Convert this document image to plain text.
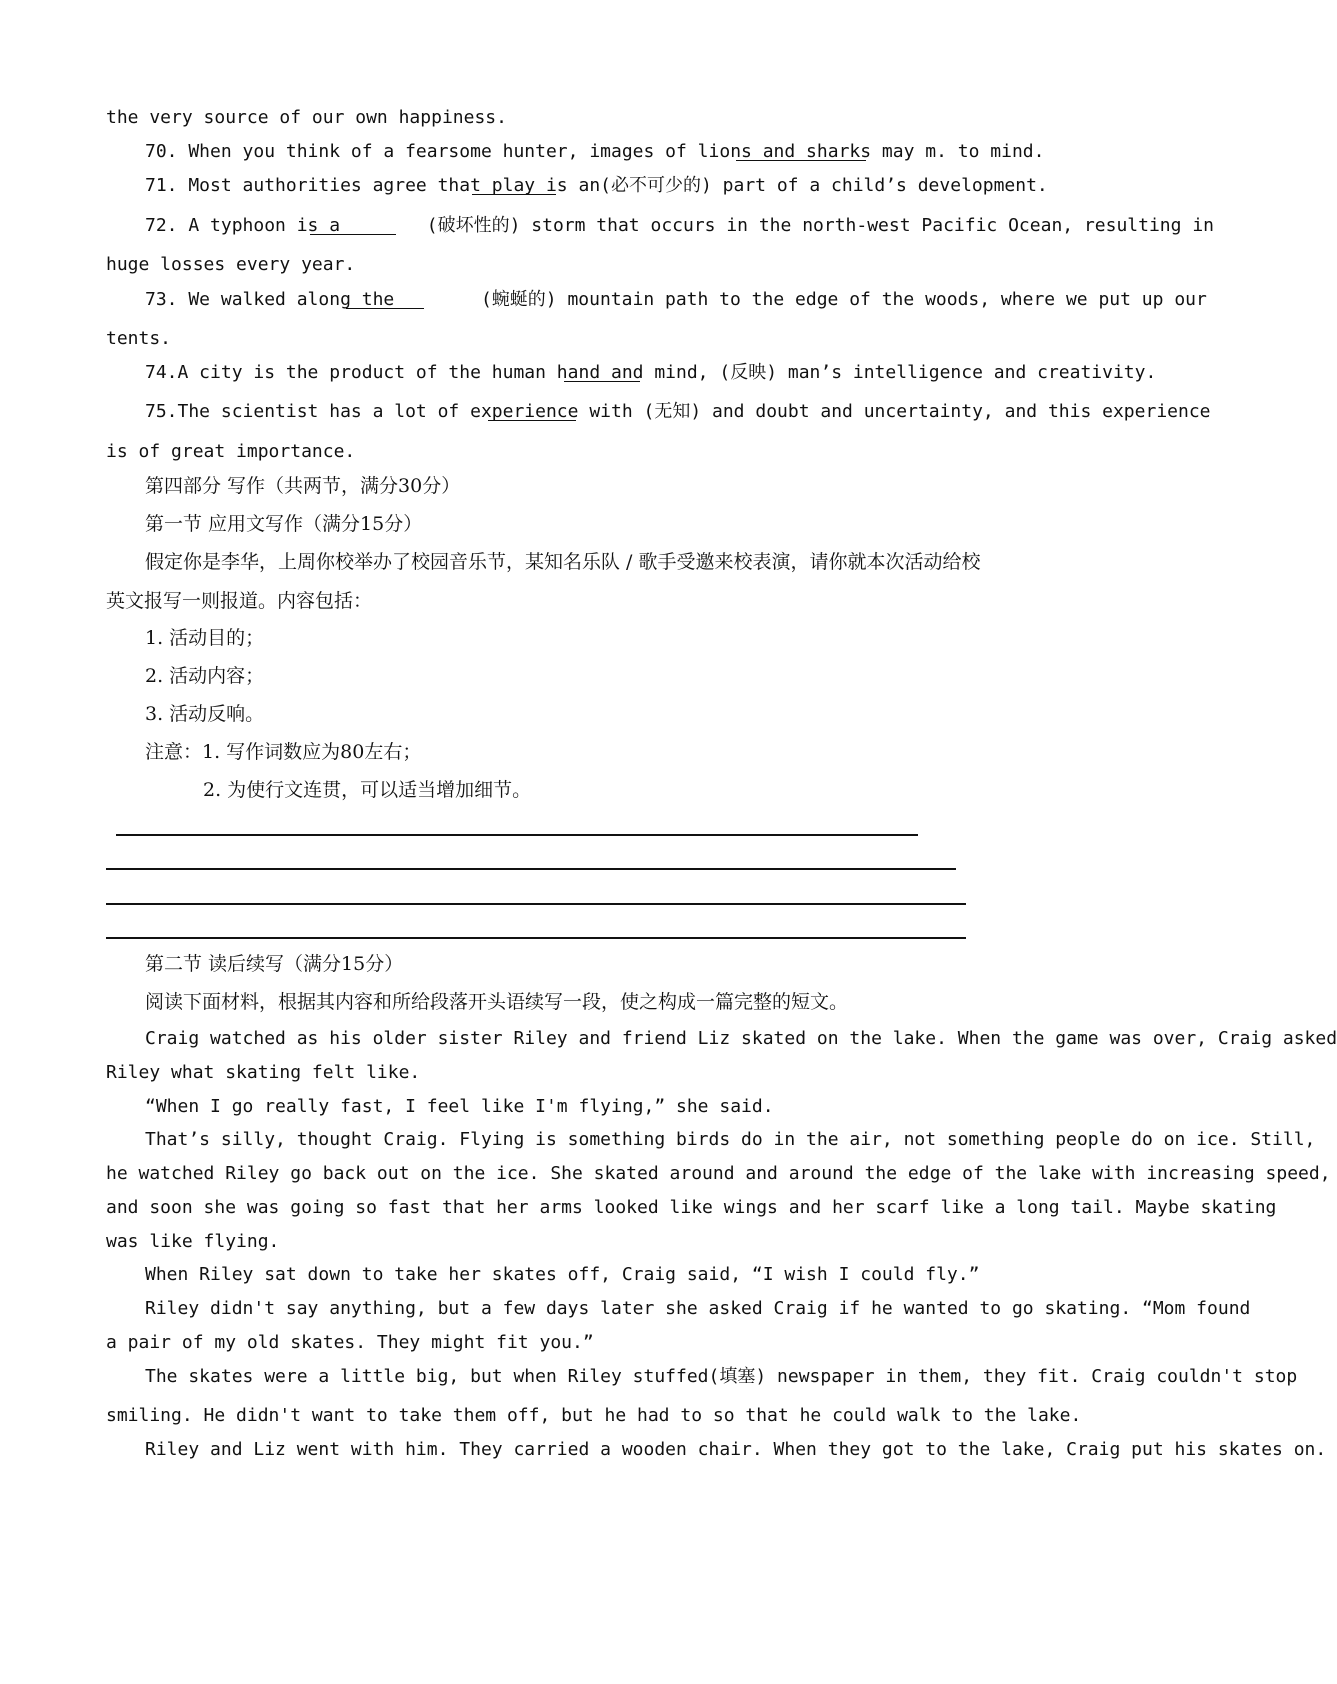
the very source of our own happiness.
70. When you think of a fearsome hunter, images of lions and sharks may m. to mind.
71. Most authorities agree that play is an(必不可少的) part of a child’s development.
72. A typhoon is a        (破坏性的) storm that occurs in the north-west Pacific Ocean, resulting in
huge losses every year.
73. We walked along the        (蜿蜒的) mountain path to the edge of the woods, where we put up our
tents.
74.A city is the product of the human hand and mind, (反映) man’s intelligence and creativity.
75.The scientist has a lot of experience with (无知) and doubt and uncertainty, and this experience
is of great importance.
第四部分 写作（共两节，满分30分）
第一节 应用文写作（满分15分）
假定你是李华，上周你校举办了校园音乐节，某知名乐队 / 歌手受邀来校表演，请你就本次活动给校
英文报写一则报道。内容包括：
1. 活动目的；
2. 活动内容；
3. 活动反响。
注意：1. 写作词数应为80左右；
2. 为使行文连贯，可以适当增加细节。
第二节 读后续写（满分15分）
阅读下面材料，根据其内容和所给段落开头语续写一段，使之构成一篇完整的短文。
Craig watched as his older sister Riley and friend Liz skated on the lake. When the game was over, Craig asked
Riley what skating felt like.
“When I go really fast, I feel like I'm flying,” she said.
That’s silly, thought Craig. Flying is something birds do in the air, not something people do on ice. Still,
he watched Riley go back out on the ice. She skated around and around the edge of the lake with increasing speed,
and soon she was going so fast that her arms looked like wings and her scarf like a long tail. Maybe skating
was like flying.
When Riley sat down to take her skates off, Craig said, “I wish I could fly.”
Riley didn't say anything, but a few days later she asked Craig if he wanted to go skating. “Mom found
a pair of my old skates. They might fit you.”
The skates were a little big, but when Riley stuffed(填塞) newspaper in them, they fit. Craig couldn't stop
smiling. He didn't want to take them off, but he had to so that he could walk to the lake.
Riley and Liz went with him. They carried a wooden chair. When they got to the lake, Craig put his skates on.
